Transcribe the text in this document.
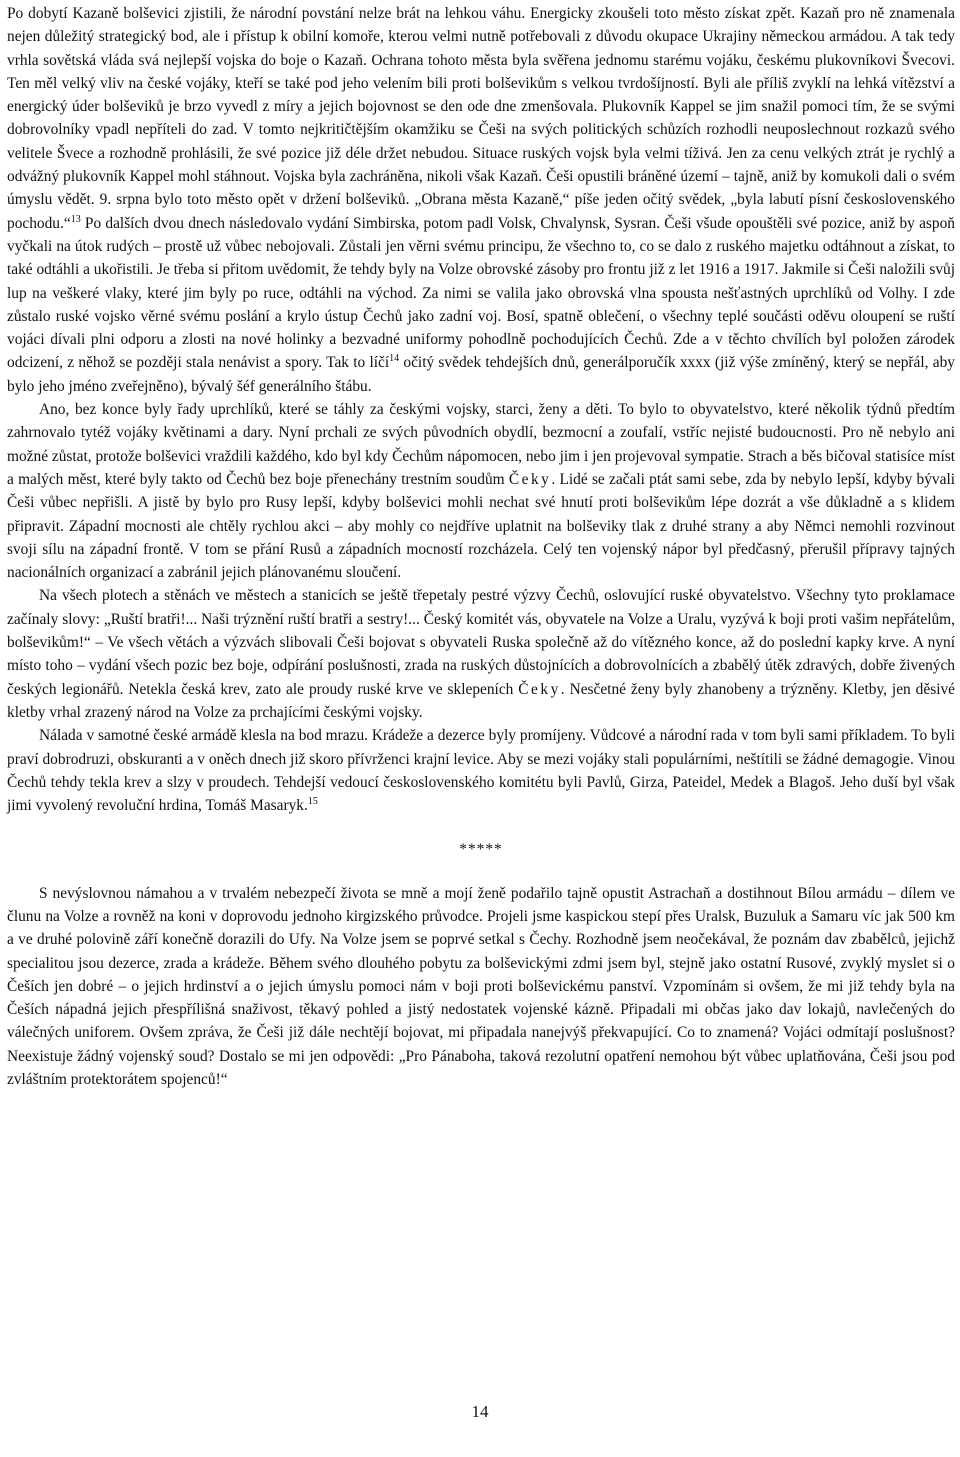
Po dobytí Kazaně bolševici zjistili, že národní povstání nelze brát na lehkou váhu. Energicky zkoušeli toto město získat zpět. Kazaň pro ně znamenala nejen důležitý strategický bod, ale i přístup k obilní komoře, kterou velmi nutně potřebovali z důvodu okupace Ukrajiny německou armádou. A tak tedy vrhla sovětská vláda svá nejlepší vojska do boje o Kazaň. Ochrana tohoto města byla svěřena jednomu starému vojáku, českému plukovníkovi Švecovi. Ten měl velký vliv na české vojáky, kteří se také pod jeho velením bili proti bolševikům s velkou tvrdošíjností. Byli ale příliš zvyklí na lehká vítězství a energický úder bolševiků je brzo vyvedl z míry a jejich bojovnost se den ode dne zmenšovala. Plukovník Kappel se jim snažil pomoci tím, že se svými dobrovolníky vpadl nepříteli do zad. V tomto nejkritičtějším okamžiku se Češi na svých politických schůzích rozhodli neuposlechnout rozkazů svého velitele Švece a rozhodně prohlásili, že své pozice již déle držet nebudou. Situace ruských vojsk byla velmi tíživá. Jen za cenu velkých ztrát je rychlý a odvážný plukovník Kappel mohl stáhnout. Vojska byla zachráněna, nikoli však Kazaň. Češi opustili bráněné území – tajně, aniž by komukoli dali o svém úmyslu vědět. 9. srpna bylo toto město opět v držení bolševiků. „Obrana města Kazaně,“ píše jeden očitý svědek, „byla labutí písní československého pochodu.“$^{13}$ Po dalších dvou dnech následovalo vydání Simbirska, potom padl Volsk, Chvalynsk, Sysran. Češi všude opouštěli své pozice, aniž by aspoň vyčkali na útok rudých – prostě už vůbec nebojovali. Zůstali jen věrni svému principu, že všechno to, co se dalo z ruského majetku odtáhnout a získat, to také odtáhli a ukořistili. Je třeba si přitom uvědomit, že tehdy byly na Volze obrovské zásoby pro frontu již z let 1916 a 1917. Jakmile si Češi naložili svůj lup na veškeré vlaky, které jim byly po ruce, odtáhli na východ. Za nimi se valila jako obrovská vlna spousta nešťastných uprchlíků od Volhy. I zde zůstalo ruské vojsko věrné svému poslání a krylo ústup Čechů jako zadní voj. Bosí, spatně oblečení, o všechny teplé součásti oděvu oloupení se ruští vojáci dívali plni odporu a zlosti na nové holinky a bezvadné uniformy pohodlně pochodujících Čechů. Zde a v těchto chvílích byl položen zárodek odcizení, z něhož se později stala nenávist a spory. Tak to líčí$^{14}$ očitý svědek tehdejších dnů, generálporučík xxxx (již výše zmíněný, který se nepřál, aby bylo jeho jméno zveřejněno), bývalý šéf generálního štábu.

Ano, bez konce byly řady uprchlíků, které se táhly za českými vojsky, starci, ženy a děti. To bylo to obyvatelstvo, které několik týdnů předtím zahrnovalo tytéž vojáky květinami a dary. Nyní prchali ze svých původních obydlí, bezmocní a zoufalí, vstříc nejisté budoucnosti. Pro ně nebylo ani možné zůstat, protože bolševici vraždili každého, kdo byl kdy Čechům nápomocen, nebo jim i jen projevoval sympatie. Strach a běs bičoval statisíce míst a malých měst, které byly takto od Čechů bez boje přenechány trestním soudům Čeky. Lidé se začali ptát sami sebe, zda by nebylo lepší, kdyby bývali Češi vůbec nepřišli. A jistě by bylo pro Rusy lepší, kdyby bolševici mohli nechat své hnutí proti bolševikům lépe dozrát a vše důkladně a s klidem připravit. Západní mocnosti ale chtěly rychlou akci – aby mohly co nejdříve uplatnit na bolševiky tlak z druhé strany a aby Němci nemohli rozvinout svoji sílu na západní frontě. V tom se přání Rusů a západních mocností rozcházela. Celý ten vojenský nápor byl předčasný, přerušil přípravy tajných nacionálních organizací a zabránil jejich plánovanému sloučení.

Na všech plotech a stěnách ve městech a stanicích se ještě třepetaly pestré výzvy Čechů, oslovující ruské obyvatelstvo. Všechny tyto proklamace začínaly slovy: „Ruští bratři!... Naši trýznění ruští bratři a sestry!... Český komitét vás, obyvatele na Volze a Uralu, vyzývá k boji proti vašim nepřátelům, bolševikům!“ – Ve všech větách a výzvách slibovali Češi bojovat s obyvateli Ruska společně až do vítězného konce, až do poslední kapky krve. A nyní místo toho – vydání všech pozic bez boje, odpírání poslušnosti, zrada na ruských důstojnících a dobrovolnících a zbabělý útěk zdravých, dobře živených českých legionářů. Netekla česká krev, zato ale proudy ruské krve ve sklepeních Čeky. Nesčetné ženy byly zhanobeny a trýzněny. Kletby, jen děsivé kletby vrhal zrazený národ na Volze za prchajícími českými vojsky.

Nálada v samotné české armádě klesla na bod mrazu. Krádeže a dezerce byly promíjeny. Vůdcové a národní rada v tom byli sami příkladem. To byli praví dobrodruzi, obskuranti a v oněch dnech již skoro přívrženci krajní levice. Aby se mezi vojáky stali populárními, neštítili se žádné demagogie. Vinou Čechů tehdy tekla krev a slzy v proudech. Tehdejší vedoucí československého komitétu byli Pavlů, Girza, Pateidel, Medek a Blagoš. Jeho duší byl však jimi vyvolený revoluční hrdina, Tomáš Masaryk.$^{15}$

*****

S nevýslovnou námahou a v trvalém nebezpečí života se mně a mojí ženě podařilo tajně opustit Astrachaň a dostihnout Bílou armádu – dílem ve člunu na Volze a rovněž na koni v doprovodu jednoho kirgizského průvodce. Projeli jsme kaspickou stepí přes Uralsk, Buzuluk a Samaru víc jak 500 km a ve druhé polovině září konečně dorazili do Ufy. Na Volze jsem se poprvé setkal s Čechy. Rozhodně jsem neočekával, že poznám dav zbabělců, jejichž specialitou jsou dezerce, zrada a krádeže. Během svého dlouhého pobytu za bolševickými zdmi jsem byl, stejně jako ostatní Rusové, zvyklý myslet si o Češích jen dobré – o jejich hrdinství a o jejich úmyslu pomoci nám v boji proti bolševickému panství. Vzpomínám si ovšem, že mi již tehdy byla na Češích nápadná jejich přespřílišná snaživost, těkavý pohled a jistý nedostatek vojenské kázně. Připadali mi občas jako dav lokajů, navlečených do válečných uniforem. Ovšem zpráva, že Češi již dále nechtějí bojovat, mi připadala nanejvýš překvapující. Co to znamená? Vojáci odmítají poslušnost? Neexistuje žádný vojenský soud? Dostalo se mi jen odpovědi: „Pro Pánaboha, taková rezolutní opatření nemohou být vůbec uplatňována, Češi jsou pod zvláštním protektorátem spojenců!“

14
